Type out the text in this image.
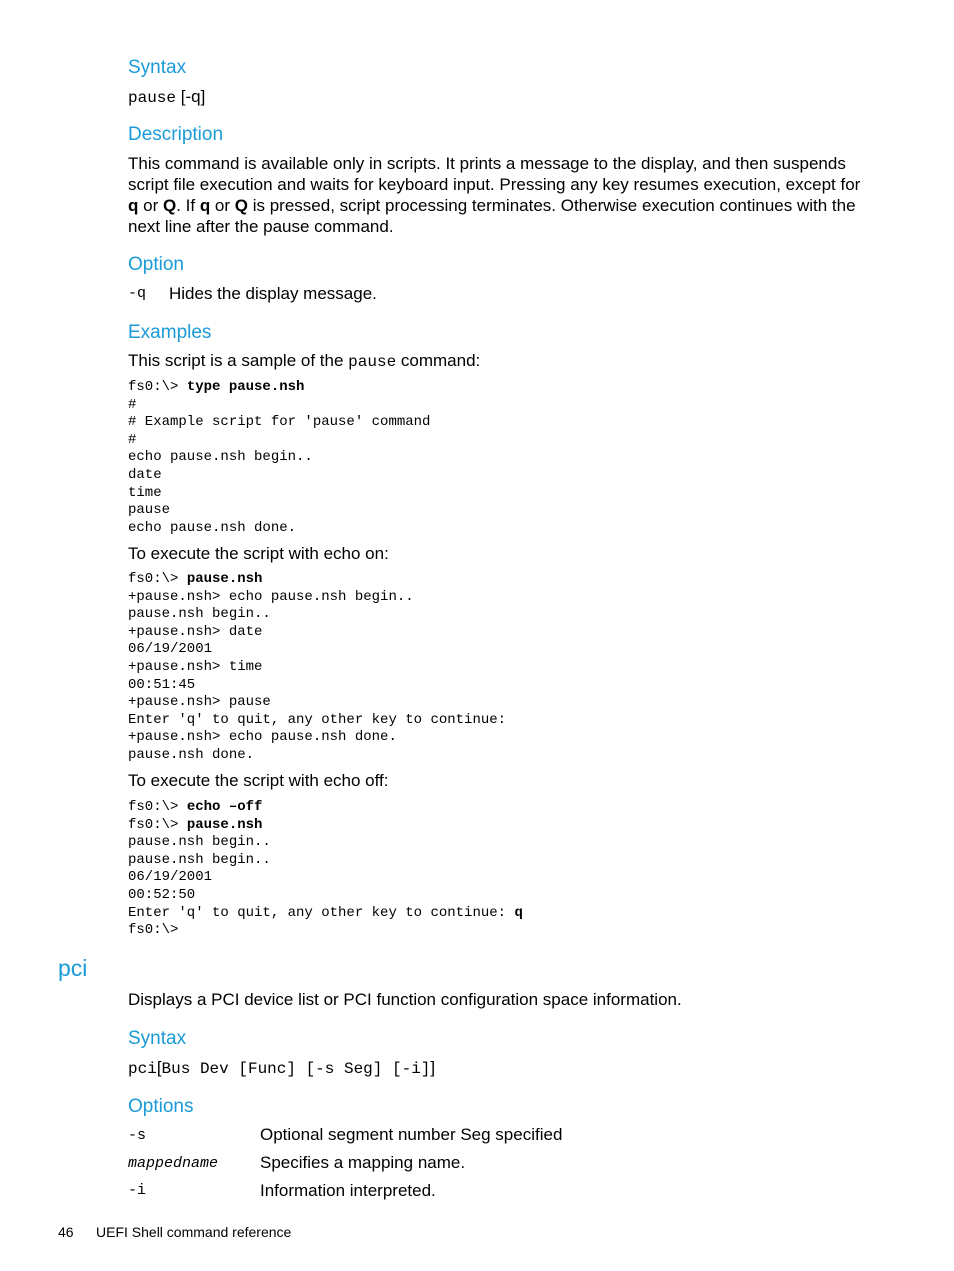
Syntax
pause [-q]
Description

This command is available only in scripts. It prints a message to the display, and then suspends script file execution and waits for keyboard input. Pressing any key resumes execution, except for q or Q. If q or Q is pressed, script processing terminates. Otherwise execution continues with the next line after the pause command.

Option
-q Hides the display message.
Examples
This script is a sample of the pause command:
fs0:\> type pause.nsh
#
# Example script for 'pause' command
#
echo pause.nsh begin..
date
time
pause
echo pause.nsh done.
To execute the script with echo on:
fs0:\> pause.nsh
+pause.nsh> echo pause.nsh begin..
pause.nsh begin..
+pause.nsh> date
06/19/2001
+pause.nsh> time
00:51:45
+pause.nsh> pause
Enter 'q' to quit, any other key to continue:
+pause.nsh> echo pause.nsh done.
pause.nsh done.
To execute the script with echo off:
fs0:\> echo –off
fs0:\> pause.nsh
pause.nsh begin..
pause.nsh begin..
06/19/2001
00:52:50
Enter 'q' to quit, any other key to continue: q
fs0:\>
pci

Displays a PCI device list or PCI function configuration space information.

Syntax
pci[Bus Dev [Func] [-s Seg] [-i]]
Options
-s	Optional segment number Seg specified
mappedname Specifies a mapping name.
-i	Information interpreted.
46 UEFI Shell command reference
